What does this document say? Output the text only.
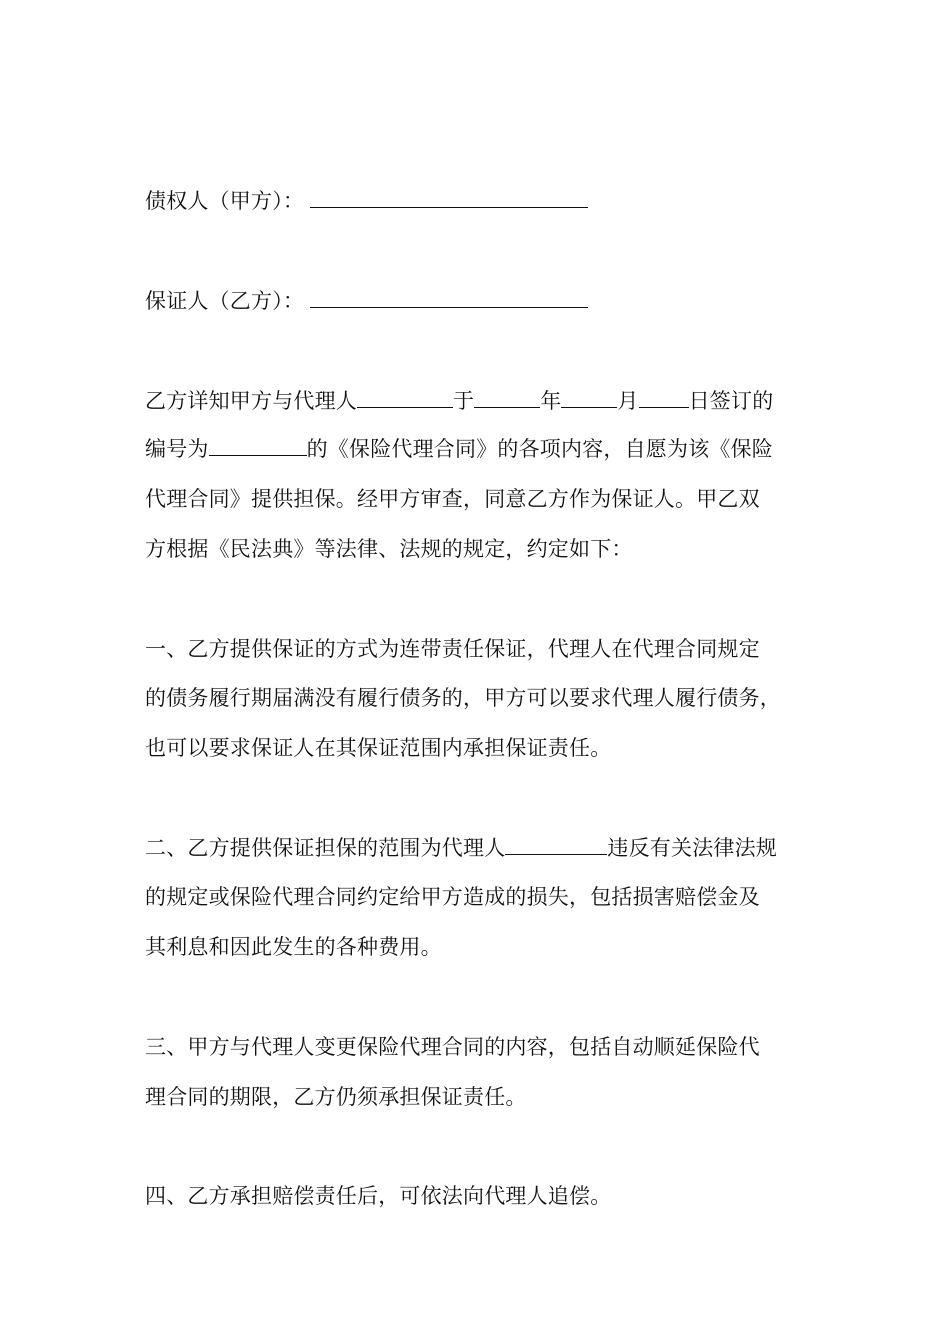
债权人（甲方）：
保证人（乙方）：
乙方详知甲方与代理人	于	年	月 日签订的
编号为	的《保险代理合同》的各项内容，自愿为该《保险
代理合同》提供担保。经甲方审查，同意乙方作为保证人。甲乙双
方根据《民法典》等法律、法规的规定，约定如下：
一、乙方提供保证的方式为连带责任保证，代理人在代理合同规定
的债务履行期届满没有履行债务的，甲方可以要求代理人履行债务，
也可以要求保证人在其保证范围内承担保证责任。
二、乙方提供保证担保的范围为代理人	违反有关法律法规
的规定或保险代理合同约定给甲方造成的损失，包括损害赔偿金及
其利息和因此发生的各种费用。
三、甲方与代理人变更保险代理合同的内容，包括自动顺延保险代
理合同的期限，乙方仍须承担保证责任。
四、乙方承担赔偿责任后，可依法向代理人追偿。
